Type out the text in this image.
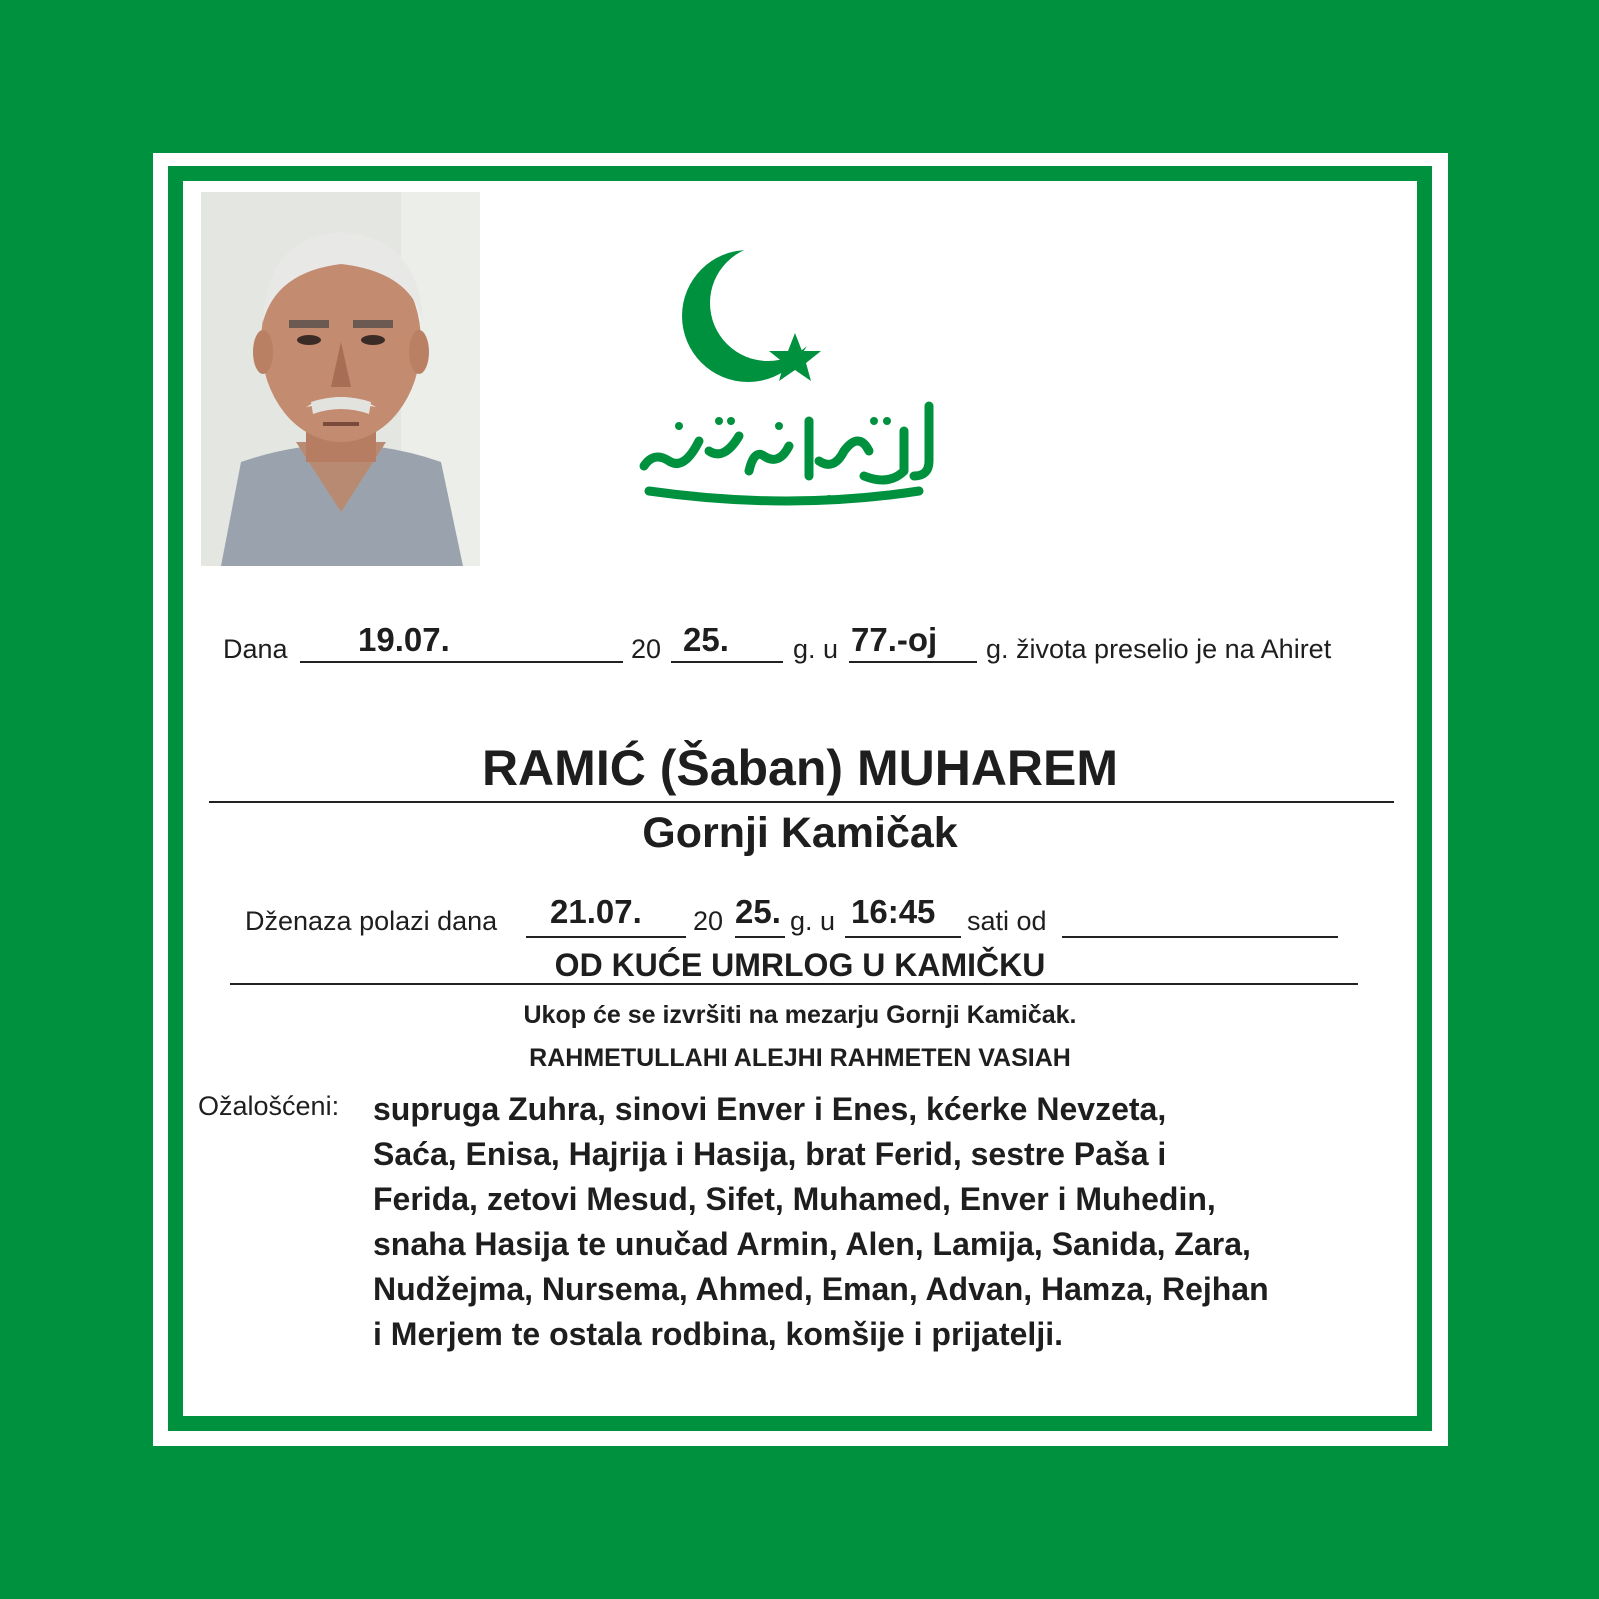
Dana 19.07.	20 25. g. u 77.-oj g. života preselio je na Ahiret
RAMIĆ (Šaban) MUHAREM
Gornji Kamičak
Dženaza polazi dana 21.07. 20 25. g. u 16:45 sati od
OD KUĆE UMRLOG U KAMIČKU
Ukop će se izvršiti na mezarju Gornji Kamičak.
RAHMETULLAHI ALEJHI RAHMETEN VASIAH
Ožalošćeni: supruga Zuhra, sinovi Enver i Enes, kćerke Nevzeta,
Saća, Enisa, Hajrija i Hasija, brat Ferid, sestre Paša i
Ferida, zetovi Mesud, Sifet, Muhamed, Enver i Muhedin,
snaha Hasija te unučad Armin, Alen, Lamija, Sanida, Zara,
Nudžejma, Nursema, Ahmed, Eman, Advan, Hamza, Rejhan
i Merjem te ostala rodbina, komšije i prijatelji.
